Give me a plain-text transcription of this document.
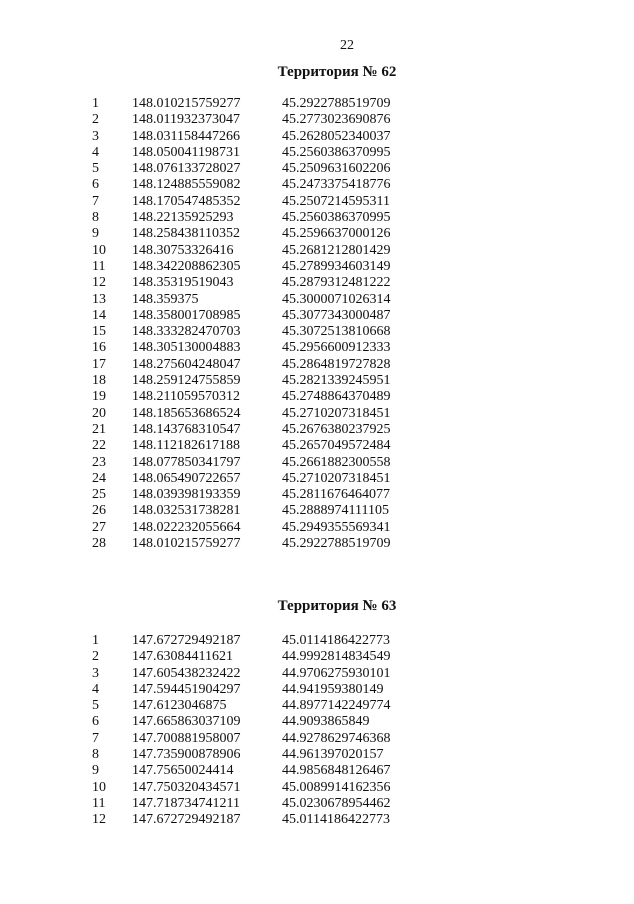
22
Территория № 62
1	148.010215759277	45.2922788519709
2	148.011932373047	45.2773023690876
3	148.031158447266	45.2628052340037
4	148.050041198731	45.2560386370995
5	148.076133728027	45.2509631602206
6	148.124885559082	45.2473375418776
7	148.170547485352	45.2507214595311
8	148.22135925293	45.2560386370995
9	148.258438110352	45.2596637000126
10	148.30753326416	45.2681212801429
11	148.342208862305	45.2789934603149
12	148.35319519043	45.2879312481222
13	148.359375	45.3000071026314
14	148.358001708985	45.3077343000487
15	148.333282470703	45.3072513810668
16	148.305130004883	45.2956600912333
17	148.275604248047	45.2864819727828
18	148.259124755859	45.2821339245951
19	148.211059570312	45.2748864370489
20	148.185653686524	45.2710207318451
21	148.143768310547	45.2676380237925
22	148.112182617188	45.2657049572484
23	148.077850341797	45.2661882300558
24	148.065490722657	45.2710207318451
25	148.039398193359	45.2811676464077
26	148.032531738281	45.2888974111105
27	148.022232055664	45.2949355569341
28	148.010215759277	45.2922788519709
Территория № 63
1	147.672729492187	45.0114186422773
2	147.63084411621	44.9992814834549
3	147.605438232422	44.9706275930101
4	147.594451904297	44.941959380149
5	147.6123046875	44.8977142249774
6	147.665863037109	44.9093865849
7	147.700881958007	44.9278629746368
8	147.735900878906	44.961397020157
9	147.75650024414	44.9856848126467
10	147.750320434571	45.0089914162356
11	147.718734741211	45.0230678954462
12	147.672729492187	45.0114186422773
